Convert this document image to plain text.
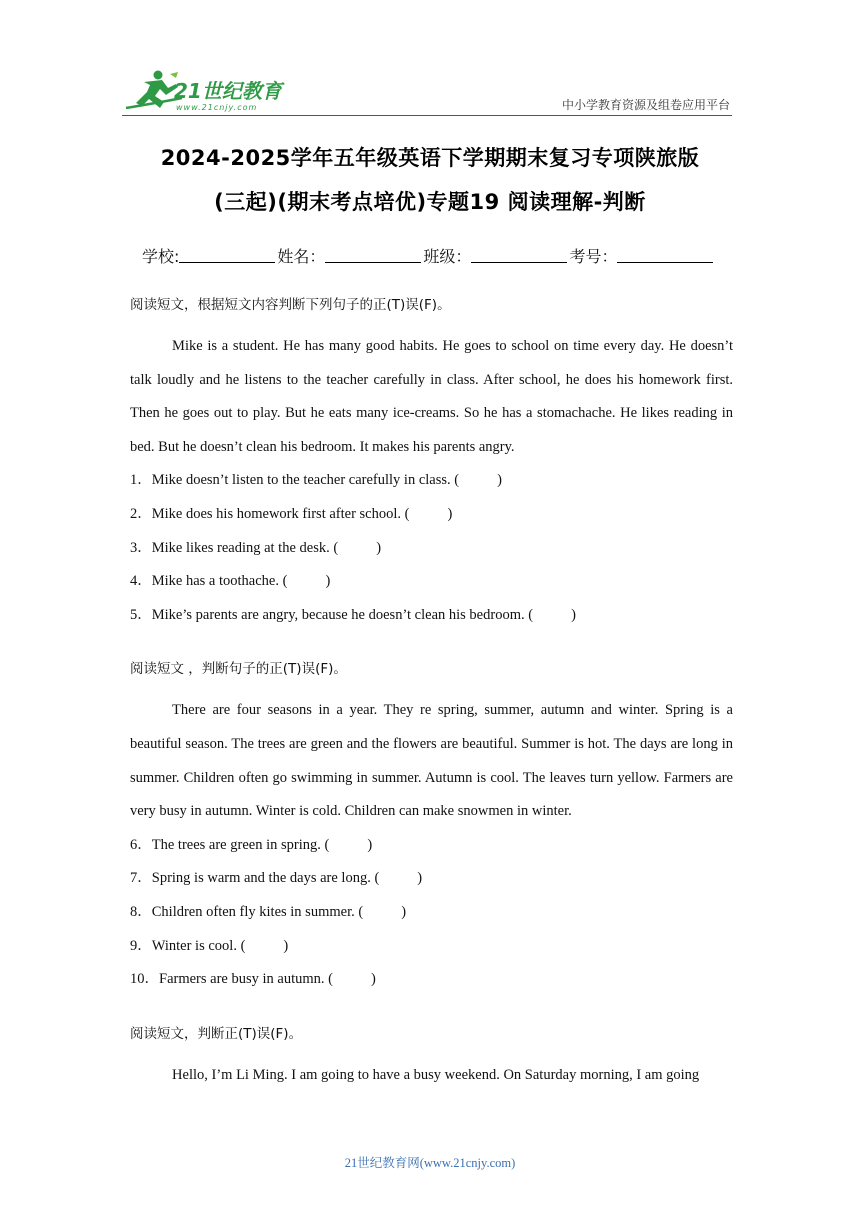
21世纪教育
www.21cnjy.com	中小学教育资源及组卷应用平台
2024-2025学年五年级英语下学期期末复习专项陕旅版
(三起)(期末考点培优)专题19 阅读理解-判断
学校:	姓名：	班级：	考号：
阅读短文，根据短文内容判断下列句子的正(T)误(F)。

Mike is a student. He has many good habits. He goes to school on time every day. He doesn’t talk loudly and he listens to the teacher carefully in class. After school, he does his homework first. Then he goes out to play. But he eats many ice-creams. So he has a stomachache. He likes reading in bed. But he doesn’t clean his bedroom. It makes his parents angry.

1．Mike doesn’t listen to the teacher carefully in class. (	)
2．Mike does his homework first after school. (	)
3．Mike likes reading at the desk. (	)
4．Mike has a toothache. (	)
5．Mike’s parents are angry, because he doesn’t clean his bedroom. (	)
阅读短文 ，判断句子的正(T)误(F)。

There are four seasons in a year. They re spring, summer, autumn and winter. Spring is a beautiful season. The trees are green and the flowers are beautiful. Summer is hot. The days are long in summer. Children often go swimming in summer. Autumn is cool. The leaves turn yellow. Farmers are very busy in autumn. Winter is cold. Children can make snowmen in winter.

6．The trees are green in spring. (	)
7．Spring is warm and the days are long. (	)
8．Children often fly kites in summer. (	)
9．Winter is cool. (	)
10．Farmers are busy in autumn. (	)
阅读短文，判断正(T)误(F)。

Hello, I’m Li Ming. I am going to have a busy weekend. On Saturday morning, I am going

21世纪教育网(www.21cnjy.com)
